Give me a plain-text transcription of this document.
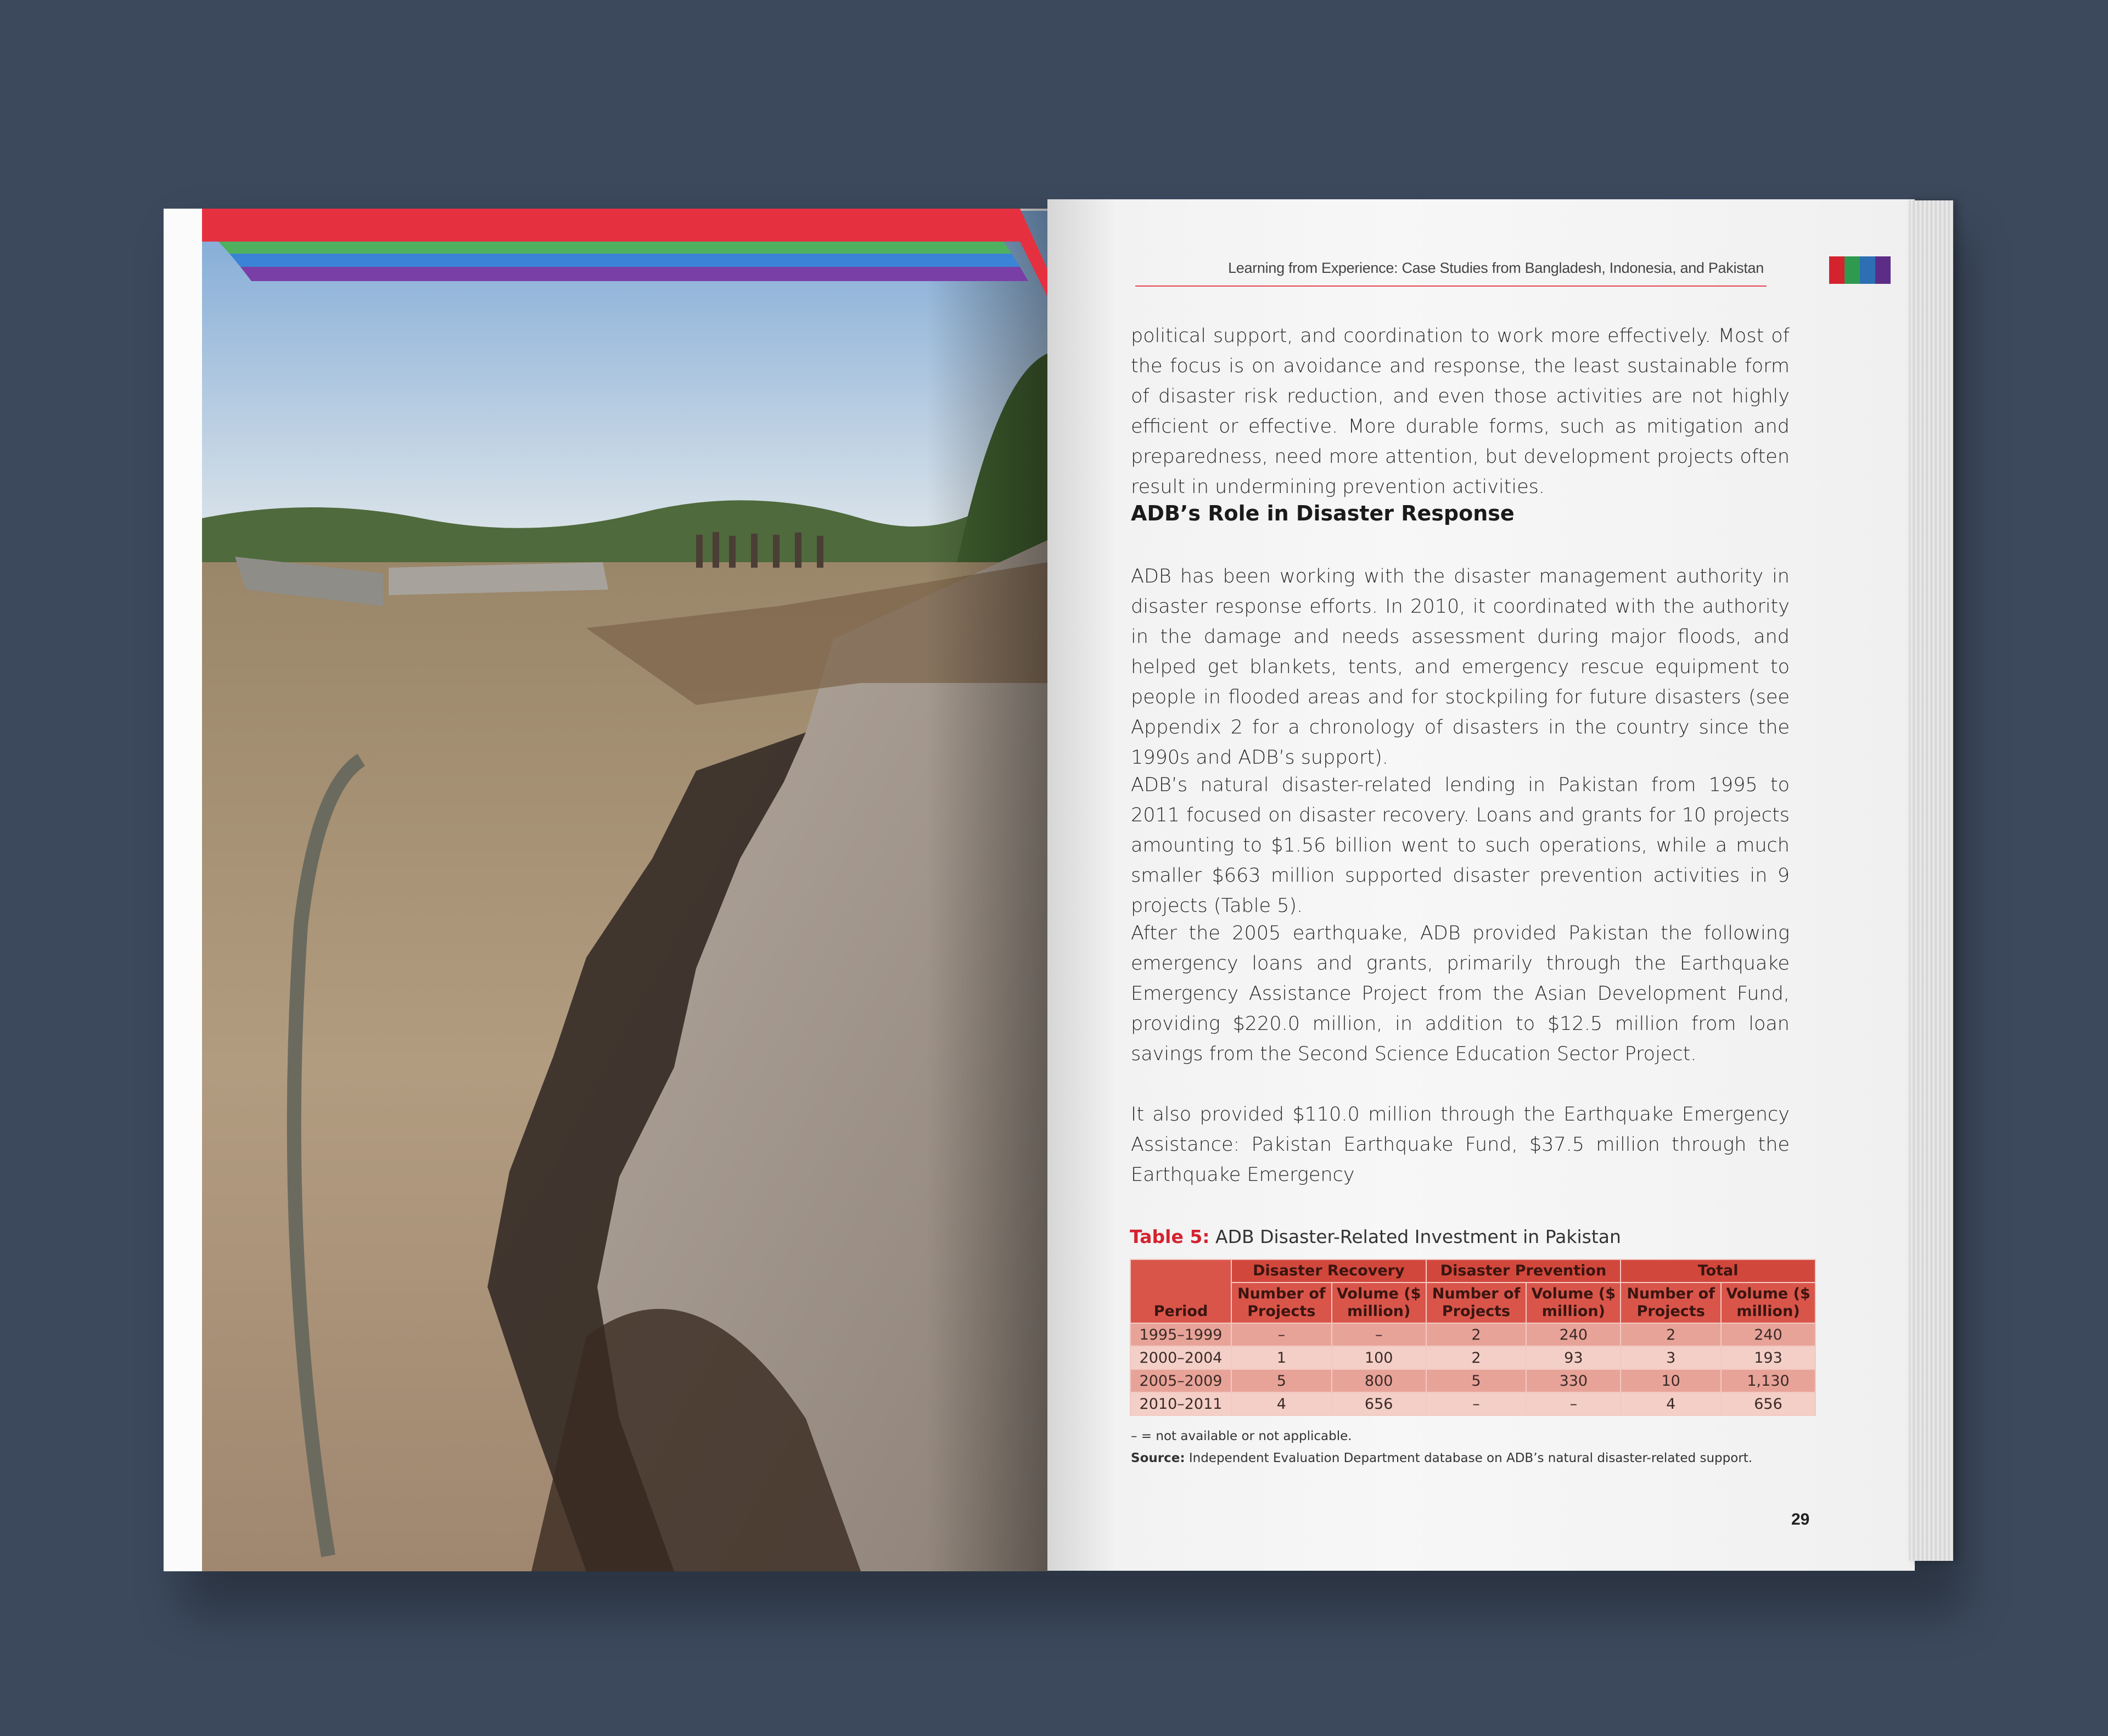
Learning from Experience: Case Studies from Bangladesh, Indonesia, and Pakistan
political support, and coordination to work more effectively. Most of the focus is on avoidance and response, the least sustainable form of disaster risk reduction, and even those activities are not highly efficient or effective. More durable forms, such as mitigation and preparedness, need more attention, but development projects often result in undermining prevention activities.
ADB’s Role in Disaster Response
ADB has been working with the disaster management authority in disaster response efforts. In 2010, it coordinated with the authority in the damage and needs assessment during major floods, and helped get blankets, tents, and emergency rescue equipment to people in flooded areas and for stockpiling for future disasters (see Appendix 2 for a chronology of disasters in the country since the 1990s and ADB’s support).
ADB’s natural disaster-related lending in Pakistan from 1995 to 2011 focused on disaster recovery. Loans and grants for 10 projects amounting to $1.56 billion went to such operations, while a much smaller $663 million supported disaster prevention activities in 9 projects (Table 5).
After the 2005 earthquake, ADB provided Pakistan the following emergency loans and grants, primarily through the Earthquake Emergency Assistance Project from the Asian Development Fund, providing $220.0 million, in addition to $12.5 million from loan savings from the Second Science Education Sector Project.
It also provided $110.0 million through the Earthquake Emergency Assistance: Pakistan Earthquake Fund, $37.5 million through the Earthquake Emergency
Table 5: ADB Disaster-Related Investment in Pakistan
Period	Disaster Recovery		Disaster Prevention		Total	
	Number of Projects	Volume ($ million)	Number of Projects	Volume ($ million)	Number of Projects	Volume ($ million)
1995–1999	–	–	2	240	2	240
2000–2004	1	100	2	93	3	193
2005–2009	5	800	5	330	10	1,130
2010–2011	4	656	–	–	4	656
– = not available or not applicable.
Source: Independent Evaluation Department database on ADB’s natural disaster-related support.
29
